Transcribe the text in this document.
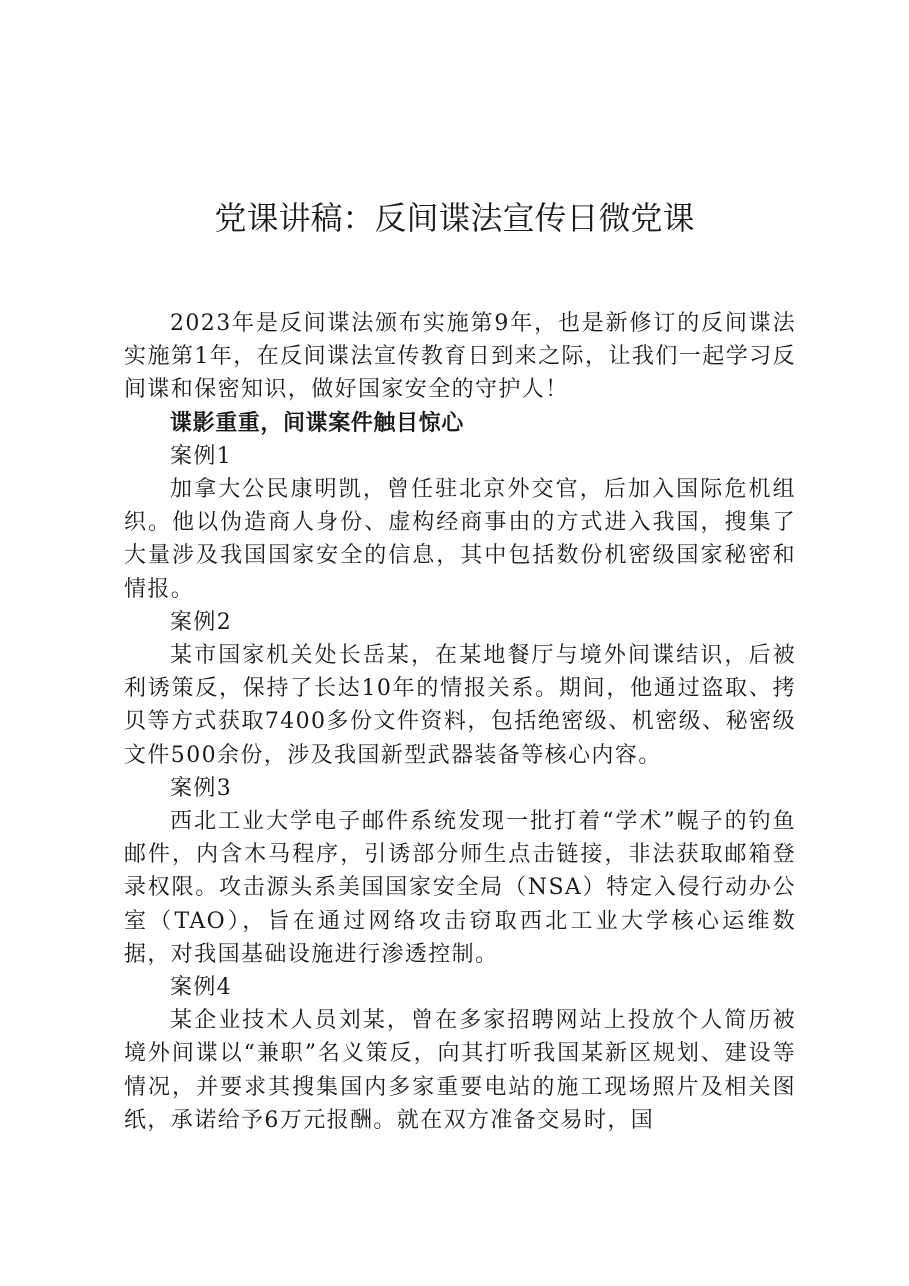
党课讲稿：反间谍法宣传日微党课

2023年是反间谍法颁布实施第9年，也是新修订的反间谍法实施第1年，在反间谍法宣传教育日到来之际，让我们一起学习反间谍和保密知识，做好国家安全的守护人！

谍影重重，间谍案件触目惊心

案例1

加拿大公民康明凯，曾任驻北京外交官，后加入国际危机组织。他以伪造商人身份、虚构经商事由的方式进入我国，搜集了大量涉及我国国家安全的信息，其中包括数份机密级国家秘密和情报。

案例2

某市国家机关处长岳某，在某地餐厅与境外间谍结识，后被利诱策反，保持了长达10年的情报关系。期间，他通过盗取、拷贝等方式获取7400多份文件资料，包括绝密级、机密级、秘密级文件500余份，涉及我国新型武器装备等核心内容。

案例3

西北工业大学电子邮件系统发现一批打着“学术”幌子的钓鱼邮件，内含木马程序，引诱部分师生点击链接，非法获取邮箱登录权限。攻击源头系美国国家安全局（NSA）特定入侵行动办公室（TAO），旨在通过网络攻击窃取西北工业大学核心运维数据，对我国基础设施进行渗透控制。

案例4

某企业技术人员刘某，曾在多家招聘网站上投放个人简历被境外间谍以“兼职”名义策反，向其打听我国某新区规划、建设等情况，并要求其搜集国内多家重要电站的施工现场照片及相关图纸，承诺给予6万元报酬。就在双方准备交易时，国
